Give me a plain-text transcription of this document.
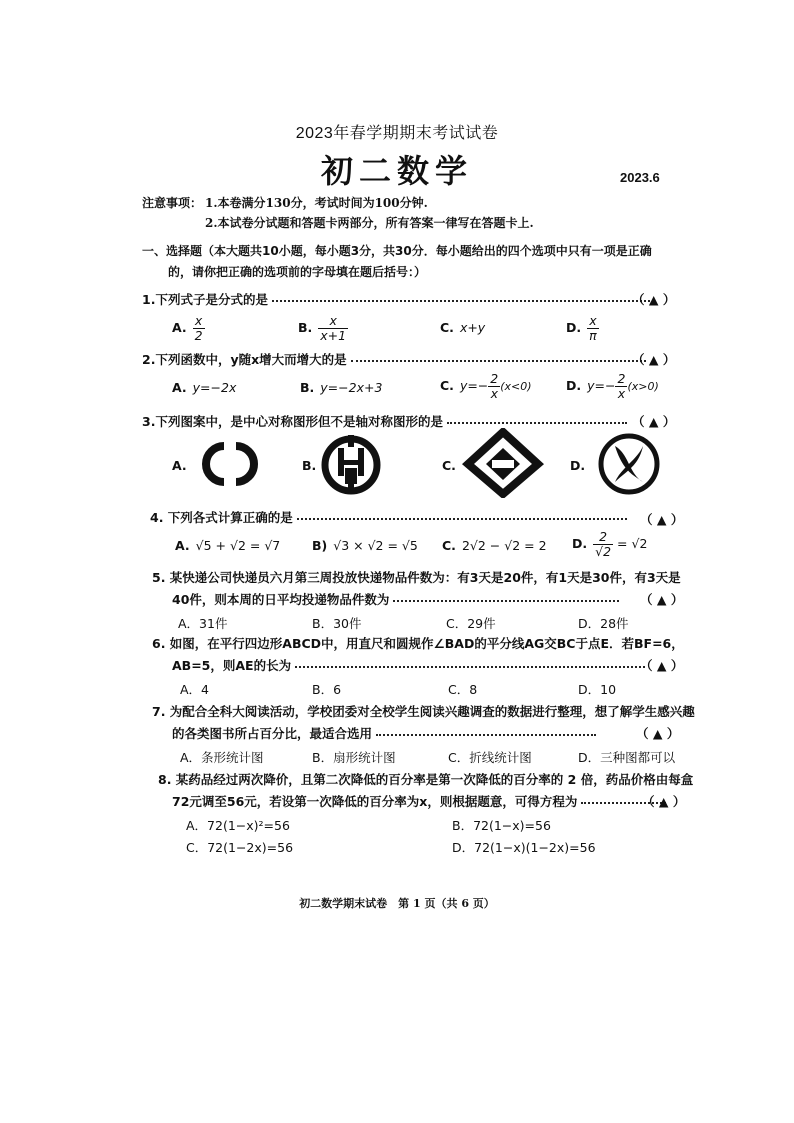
2023年春学期期末考试试卷
初二数学	2023.6
注意事项： 1.本卷满分130分，考试时间为100分钟.
2.本试卷分试题和答题卡两部分，所有答案一律写在答题卡上.
一、选择题（本大题共10小题，每小题3分，共30分．每小题给出的四个选项中只有一项是正确
的，请你把正确的选项前的字母填在题后括号：）
1.下列式子是分式的是	（ ▲ ）
A. $\frac{x}{2}$	B. $\frac{x}{x+1}$	C. x+y	D. $\frac{x}{\pi}$
2.下列函数中，y随x增大而增大的是	（ ▲ ）
A. y=−2x	B. y=−2x+3	C. $y=- \frac{2}{x} (x<0)$	D. $y=- \frac{2}{x} (x>0)$
3.下列图案中，是中心对称图形但不是轴对称图形的是	（ ▲ ）
A.	B.	C.	D.
4. 下列各式计算正确的是	（ ▲ ）
A. √5 + √2 = √7	B) √3 × √2 = √5 C. 2√2 − √2 = 2 D. $\frac{2}{√2} = √2$
5. 某快递公司快递员六月第三周投放快递物品件数为：有3天是20件，有1天是30件，有3天是
40件，则本周的日平均投递物品件数为	（ ▲ ）
A．31件	B．30件	C．29件	D．28件
6. 如图，在平行四边形ABCD中，用直尺和圆规作∠BAD的平分线AG交BC于点E．若BF=6，
AB=5，则AE的长为	（ ▲ ）
A．4	B．6	C．8	D．10
7. 为配合全科大阅读活动，学校团委对全校学生阅读兴趣调查的数据进行整理，想了解学生感兴趣
的各类图书所占百分比，最适合选用	（ ▲ ）
A．条形统计图	B．扇形统计图	C．折线统计图	D．三种图都可以
8. 某药品经过两次降价，且第二次降低的百分率是第一次降低的百分率的 2 倍，药品价格由每盒
72元调至56元，若设第一次降低的百分率为x，则根据题意，可得方程为	（ ▲ ）
A．72(1−x)²=56	B．72(1−x)=56
C．72(1−2x)=56	D．72(1−x)(1−2x)=56
初二数学期末试卷　第 1 页（共 6 页）
